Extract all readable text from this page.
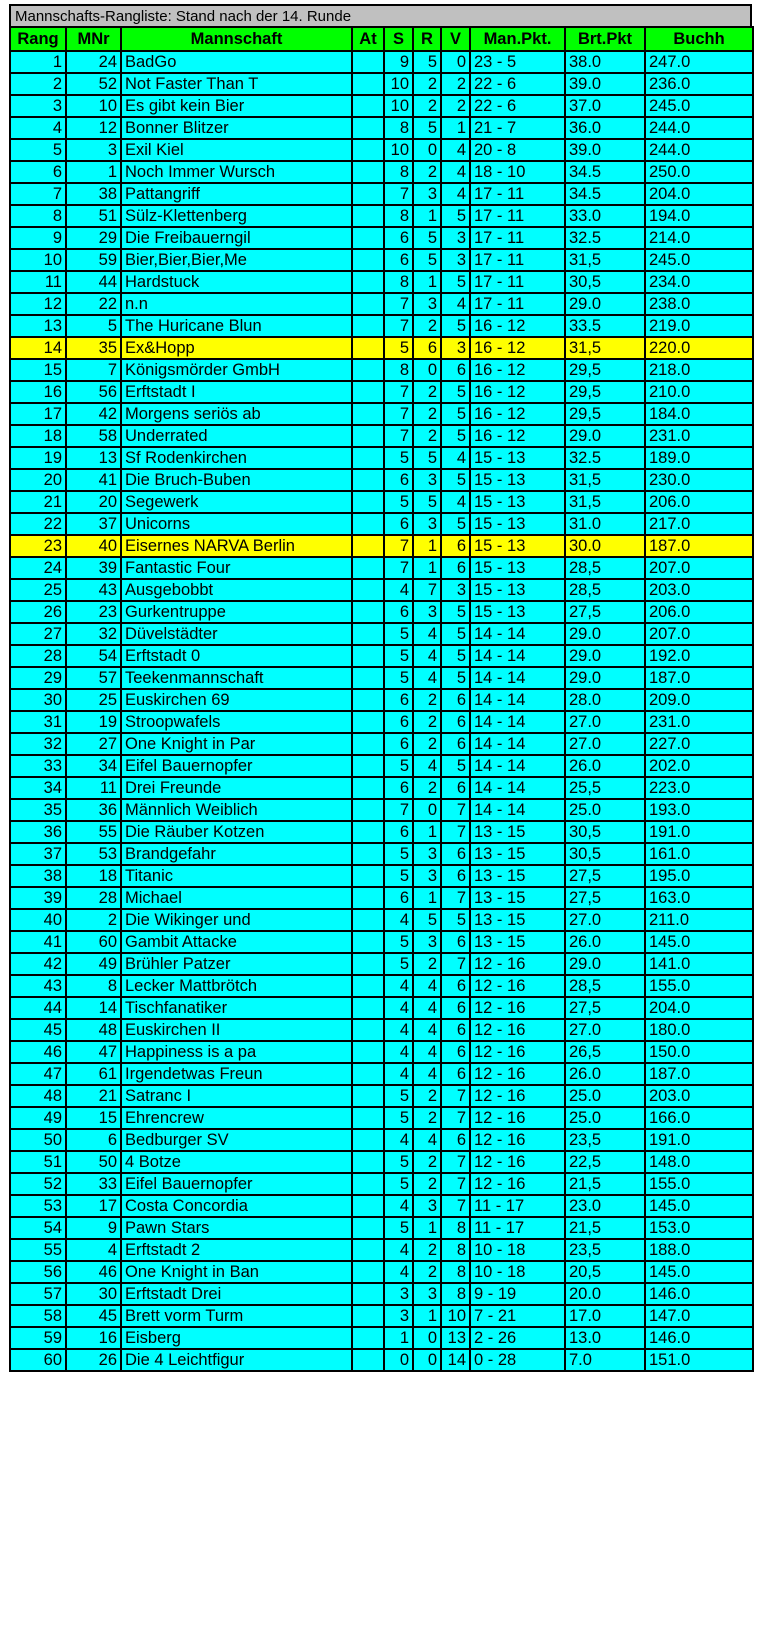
Mannschafts-Rangliste: Stand nach der 14. Runde
Rang	MNr	Mannschaft	At	S	R	V	Man.Pkt.	Brt.Pkt	Buchh
1	24	BadGo		9	5	0	23 - 5	38.0	247.0
2	52	Not Faster Than T		10	2	2	22 - 6	39.0	236.0
3	10	Es gibt kein Bier		10	2	2	22 - 6	37.0	245.0
4	12	Bonner Blitzer		8	5	1	21 - 7	36.0	244.0
5	3	Exil Kiel		10	0	4	20 - 8	39.0	244.0
6	1	Noch Immer Wursch		8	2	4	18 - 10	34.5	250.0
7	38	Pattangriff		7	3	4	17 - 11	34.5	204.0
8	51	Sülz-Klettenberg		8	1	5	17 - 11	33.0	194.0
9	29	Die Freibauerngil		6	5	3	17 - 11	32.5	214.0
10	59	Bier,Bier,Bier,Me		6	5	3	17 - 11	31,5	245.0
11	44	Hardstuck		8	1	5	17 - 11	30,5	234.0
12	22	n.n		7	3	4	17 - 11	29.0	238.0
13	5	The Huricane Blun		7	2	5	16 - 12	33.5	219.0
14	35	Ex&Hopp		5	6	3	16 - 12	31,5	220.0
15	7	Königsmörder GmbH		8	0	6	16 - 12	29,5	218.0
16	56	Erftstadt I		7	2	5	16 - 12	29,5	210.0
17	42	Morgens seriös ab		7	2	5	16 - 12	29,5	184.0
18	58	Underrated		7	2	5	16 - 12	29.0	231.0
19	13	Sf Rodenkirchen		5	5	4	15 - 13	32.5	189.0
20	41	Die Bruch-Buben		6	3	5	15 - 13	31,5	230.0
21	20	Segewerk		5	5	4	15 - 13	31,5	206.0
22	37	Unicorns		6	3	5	15 - 13	31.0	217.0
23	40	Eisernes NARVA Berlin		7	1	6	15 - 13	30.0	187.0
24	39	Fantastic Four		7	1	6	15 - 13	28,5	207.0
25	43	Ausgebobbt		4	7	3	15 - 13	28,5	203.0
26	23	Gurkentruppe		6	3	5	15 - 13	27,5	206.0
27	32	Düvelstädter		5	4	5	14 - 14	29.0	207.0
28	54	Erftstadt 0		5	4	5	14 - 14	29.0	192.0
29	57	Teekenmannschaft		5	4	5	14 - 14	29.0	187.0
30	25	Euskirchen 69		6	2	6	14 - 14	28.0	209.0
31	19	Stroopwafels		6	2	6	14 - 14	27.0	231.0
32	27	One Knight in Par		6	2	6	14 - 14	27.0	227.0
33	34	Eifel Bauernopfer		5	4	5	14 - 14	26.0	202.0
34	11	Drei Freunde		6	2	6	14 - 14	25,5	223.0
35	36	Männlich Weiblich		7	0	7	14 - 14	25.0	193.0
36	55	Die Räuber Kotzen		6	1	7	13 - 15	30,5	191.0
37	53	Brandgefahr		5	3	6	13 - 15	30,5	161.0
38	18	Titanic		5	3	6	13 - 15	27,5	195.0
39	28	Michael		6	1	7	13 - 15	27,5	163.0
40	2	Die Wikinger und		4	5	5	13 - 15	27.0	211.0
41	60	Gambit Attacke		5	3	6	13 - 15	26.0	145.0
42	49	Brühler Patzer		5	2	7	12 - 16	29.0	141.0
43	8	Lecker Mattbrötch		4	4	6	12 - 16	28,5	155.0
44	14	Tischfanatiker		4	4	6	12 - 16	27,5	204.0
45	48	Euskirchen II		4	4	6	12 - 16	27.0	180.0
46	47	Happiness is a pa		4	4	6	12 - 16	26,5	150.0
47	61	Irgendetwas Freun		4	4	6	12 - 16	26.0	187.0
48	21	Satranc I		5	2	7	12 - 16	25.0	203.0
49	15	Ehrencrew		5	2	7	12 - 16	25.0	166.0
50	6	Bedburger SV		4	4	6	12 - 16	23,5	191.0
51	50	4 Botze		5	2	7	12 - 16	22,5	148.0
52	33	Eifel Bauernopfer		5	2	7	12 - 16	21,5	155.0
53	17	Costa Concordia		4	3	7	11 - 17	23.0	145.0
54	9	Pawn Stars		5	1	8	11 - 17	21,5	153.0
55	4	Erftstadt 2		4	2	8	10 - 18	23,5	188.0
56	46	One Knight in Ban		4	2	8	10 - 18	20,5	145.0
57	30	Erftstadt Drei		3	3	8	9 - 19	20.0	146.0
58	45	Brett vorm Turm		3	1	10	7 - 21	17.0	147.0
59	16	Eisberg		1	0	13	2 - 26	13.0	146.0
60	26	Die 4 Leichtfigur		0	0	14	0 - 28	7.0	151.0
